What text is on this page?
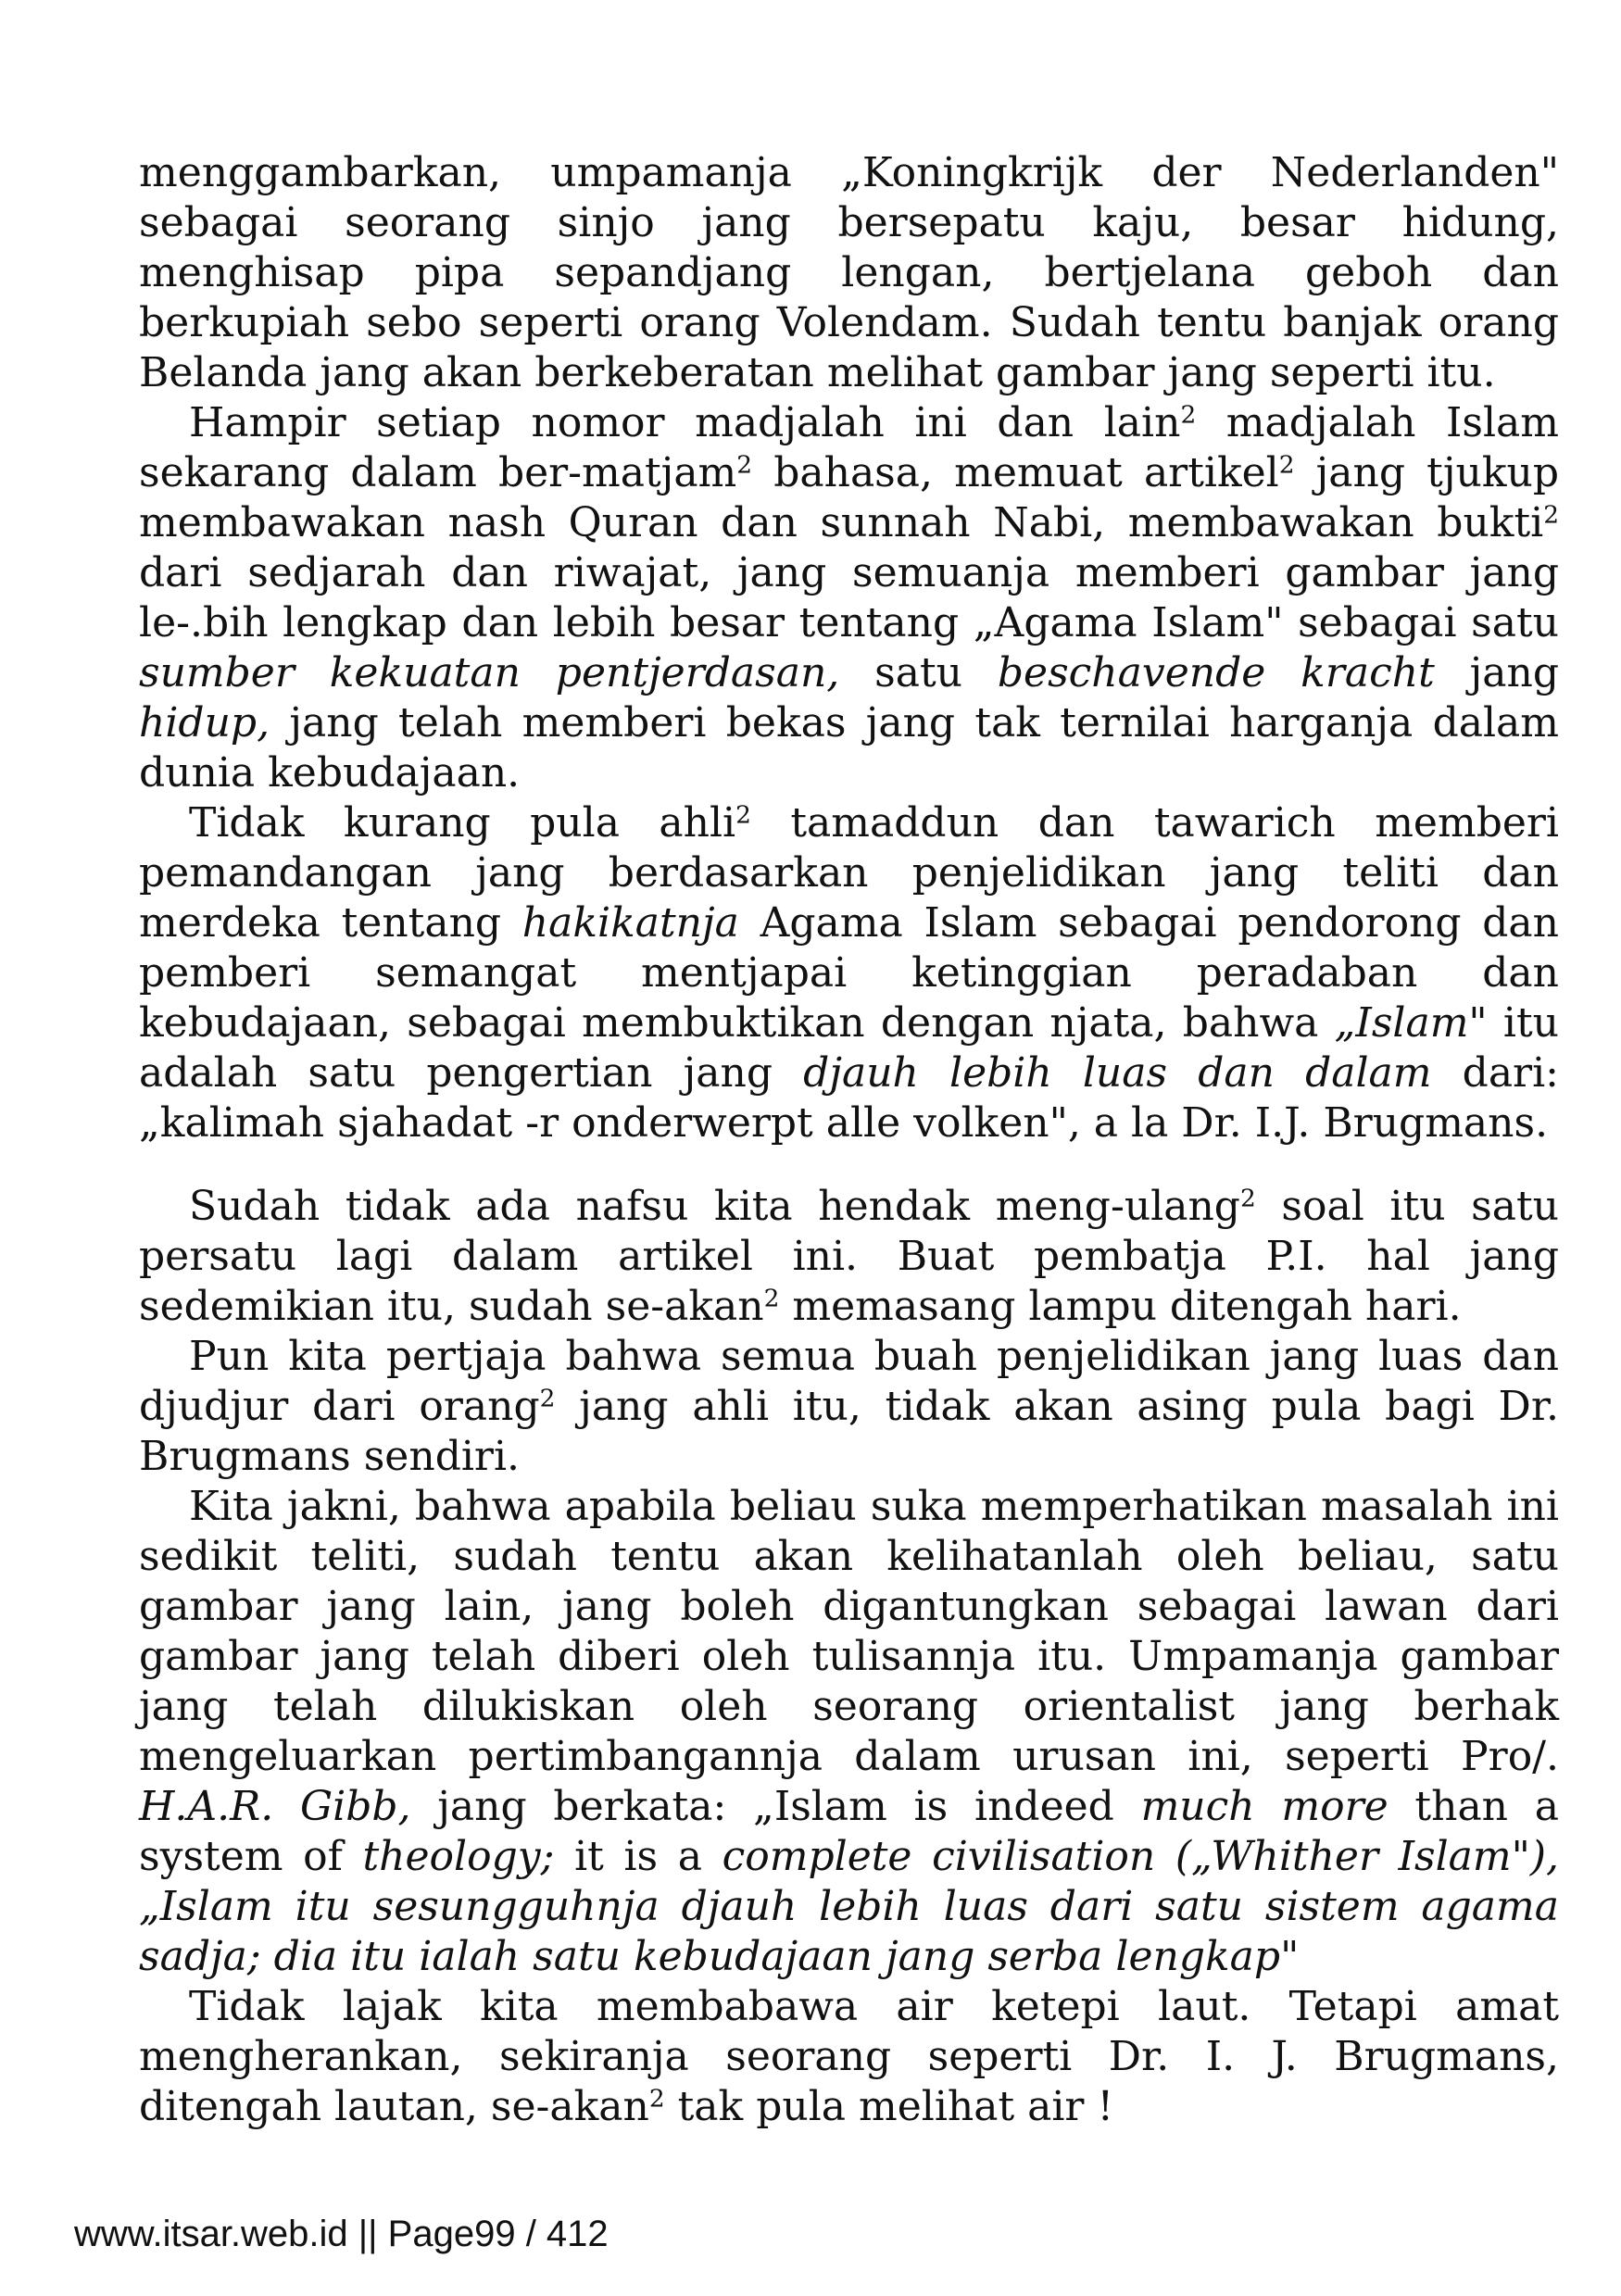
menggambarkan, umpamanja „Koningkrijk der Nederlanden" sebagai seorang sinjo jang bersepatu kaju, besar hidung, menghisap pipa sepandjang lengan, bertjelana geboh dan berkupiah sebo seperti orang Volendam. Sudah tentu banjak orang Belanda jang akan berkeberatan melihat gambar jang seperti itu.

Hampir setiap nomor madjalah ini dan lain$^2$ madjalah Islam sekarang dalam ber-matjam$^2$ bahasa, memuat artikel$^2$ jang tjukup membawakan nash Quran dan sunnah Nabi, membawakan bukti$^2$ dari sedjarah dan riwajat, jang semuanja memberi gambar jang le-.bih lengkap dan lebih besar tentang „Agama Islam" sebagai satu sumber kekuatan pentjerdasan, satu beschavende kracht jang hidup, jang telah memberi bekas jang tak ternilai harganja dalam dunia kebudajaan.

Tidak kurang pula ahli$^2$ tamaddun dan tawarich memberi pemandangan jang berdasarkan penjelidikan jang teliti dan merdeka tentang hakikatnja Agama Islam sebagai pendorong dan pemberi semangat mentjapai ketinggian peradaban dan kebudajaan, sebagai membuktikan dengan njata, bahwa „Islam" itu adalah satu pengertian jang djauh lebih luas dan dalam dari: „kalimah sjahadat -r onderwerpt alle volken", a la Dr. I.J. Brugmans.

Sudah tidak ada nafsu kita hendak meng-ulang$^2$ soal itu satu persatu lagi dalam artikel ini. Buat pembatja P.I. hal jang sedemikian itu, sudah se-akan$^2$ memasang lampu ditengah hari.

Pun kita pertjaja bahwa semua buah penjelidikan jang luas dan djudjur dari orang$^2$ jang ahli itu, tidak akan asing pula bagi Dr. Brugmans sendiri.

Kita jakni, bahwa apabila beliau suka memperhatikan masalah ini sedikit teliti, sudah tentu akan kelihatanlah oleh beliau, satu gambar jang lain, jang boleh digantungkan sebagai lawan dari gambar jang telah diberi oleh tulisannja itu. Umpamanja gambar jang telah dilukiskan oleh seorang orientalist jang berhak mengeluarkan pertimbangannja dalam urusan ini, seperti Pro/. H.A.R. Gibb, jang berkata: „Islam is indeed much more than a system of theology; it is a complete civilisation („Whither Islam"), „Islam itu sesungguhnja djauh lebih luas dari satu sistem agama sadja; dia itu ialah satu kebudajaan jang serba lengkap"

Tidak lajak kita membabawa air ketepi laut. Tetapi amat mengherankan, sekiranja seorang seperti Dr. I. J. Brugmans, ditengah lautan, se-akan$^2$ tak pula melihat air !

www.itsar.web.id || Page99 / 412
